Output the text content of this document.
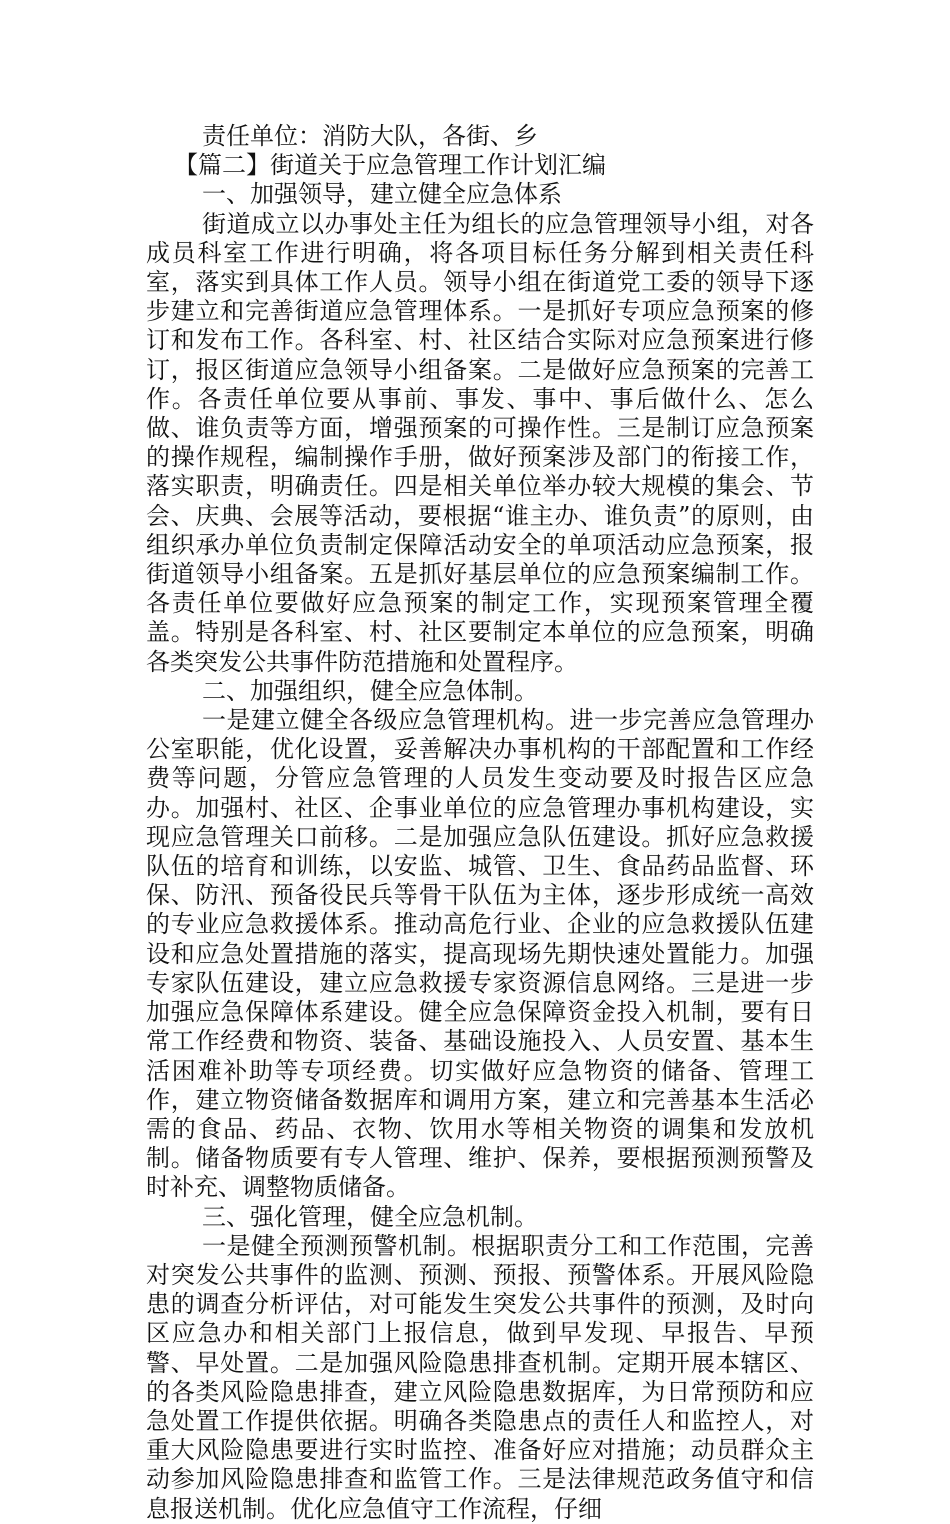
责任单位：消防大队，各街、乡

【篇二】街道关于应急管理工作计划汇编

一、加强领导，建立健全应急体系

街道成立以办事处主任为组长的应急管理领导小组，对各成员科室工作进行明确，将各项目标任务分解到相关责任科室，落实到具体工作人员。领导小组在街道党工委的领导下逐步建立和完善街道应急管理体系。一是抓好专项应急预案的修订和发布工作。各科室、村、社区结合实际对应急预案进行修订，报区街道应急领导小组备案。二是做好应急预案的完善工作。各责任单位要从事前、事发、事中、事后做什么、怎么做、谁负责等方面，增强预案的可操作性。三是制订应急预案的操作规程，编制操作手册，做好预案涉及部门的衔接工作，落实职责，明确责任。四是相关单位举办较大规模的集会、节会、庆典、会展等活动，要根据“谁主办、谁负责”的原则，由组织承办单位负责制定保障活动安全的单项活动应急预案，报街道领导小组备案。五是抓好基层单位的应急预案编制工作。各责任单位要做好应急预案的制定工作，实现预案管理全覆盖。特别是各科室、村、社区要制定本单位的应急预案，明确各类突发公共事件防范措施和处置程序。

二、加强组织，健全应急体制。

一是建立健全各级应急管理机构。进一步完善应急管理办公室职能，优化设置，妥善解决办事机构的干部配置和工作经费等问题，分管应急管理的人员发生变动要及时报告区应急办。加强村、社区、企事业单位的应急管理办事机构建设，实现应急管理关口前移。二是加强应急队伍建设。抓好应急救援队伍的培育和训练，以安监、城管、卫生、食品药品监督、环保、防汛、预备役民兵等骨干队伍为主体，逐步形成统一高效的专业应急救援体系。推动高危行业、企业的应急救援队伍建设和应急处置措施的落实，提高现场先期快速处置能力。加强专家队伍建设，建立应急救援专家资源信息网络。三是进一步加强应急保障体系建设。健全应急保障资金投入机制，要有日常工作经费和物资、装备、基础设施投入、人员安置、基本生活困难补助等专项经费。切实做好应急物资的储备、管理工作，建立物资储备数据库和调用方案，建立和完善基本生活必需的食品、药品、衣物、饮用水等相关物资的调集和发放机制。储备物质要有专人管理、维护、保养，要根据预测预警及时补充、调整物质储备。

三、强化管理，健全应急机制。

一是健全预测预警机制。根据职责分工和工作范围，完善对突发公共事件的监测、预测、预报、预警体系。开展风险隐患的调查分析评估，对可能发生突发公共事件的预测，及时向区应急办和相关部门上报信息，做到早发现、早报告、早预警、早处置。二是加强风险隐患排查机制。定期开展本辖区、的各类风险隐患排查，建立风险隐患数据库，为日常预防和应急处置工作提供依据。明确各类隐患点的责任人和监控人，对重大风险隐患要进行实时监控、准备好应对措施；动员群众主动参加风险隐患排查和监管工作。三是法律规范政务值守和信息报送机制。优化应急值守工作流程，仔细
